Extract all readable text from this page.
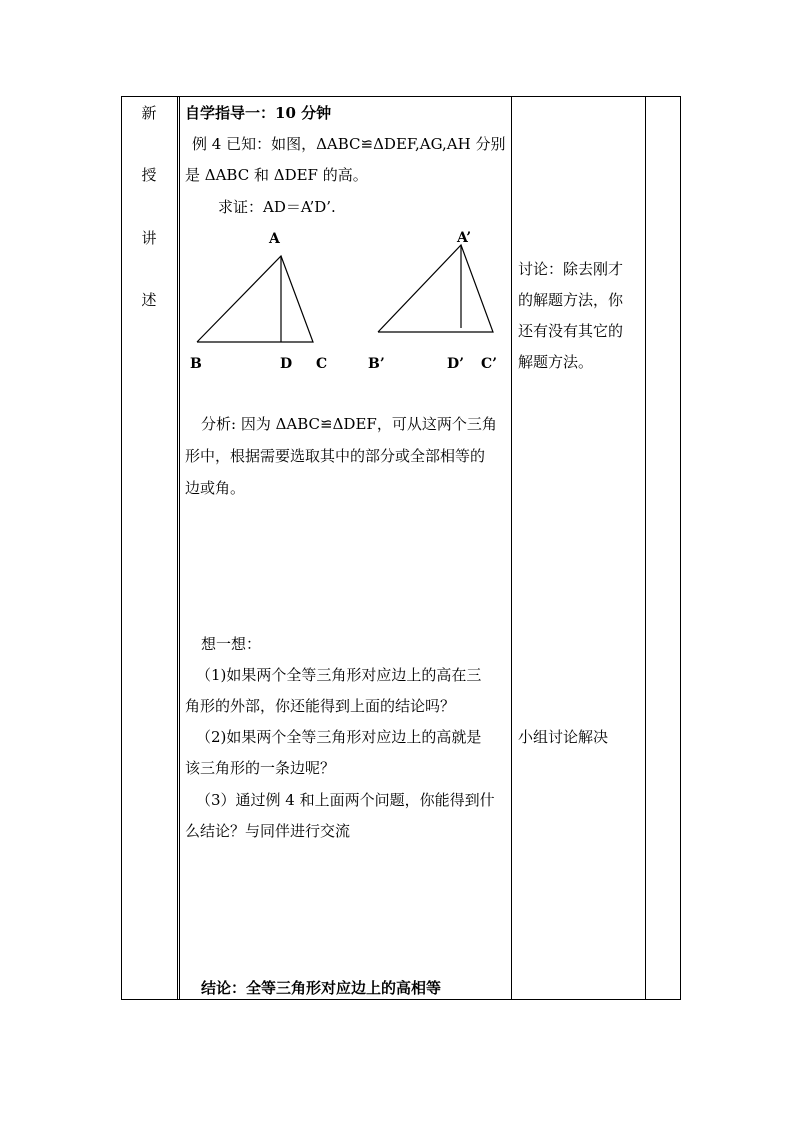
新
授
讲
述
自学指导一：10 分钟
例 4 已知：如图，ΔABC≌ΔDEF,AG,AH 分别
是 ΔABC 和 ΔDEF 的高。
求证：AD＝A’D’.
A
B	D C
A’
B’	D’ C’
分析: 因为 ΔABC≌ΔDEF，可从这两个三角
形中，根据需要选取其中的部分或全部相等的
边或角。
想一想：
（1)如果两个全等三角形对应边上的高在三
角形的外部，你还能得到上面的结论吗？
（2)如果两个全等三角形对应边上的高就是
该三角形的一条边呢？
（3）通过例 4 和上面两个问题，你能得到什
么结论？与同伴进行交流
结论：全等三角形对应边上的高相等
讨论：除去刚才
的解题方法，你
还有没有其它的
解题方法。
小组讨论解决
